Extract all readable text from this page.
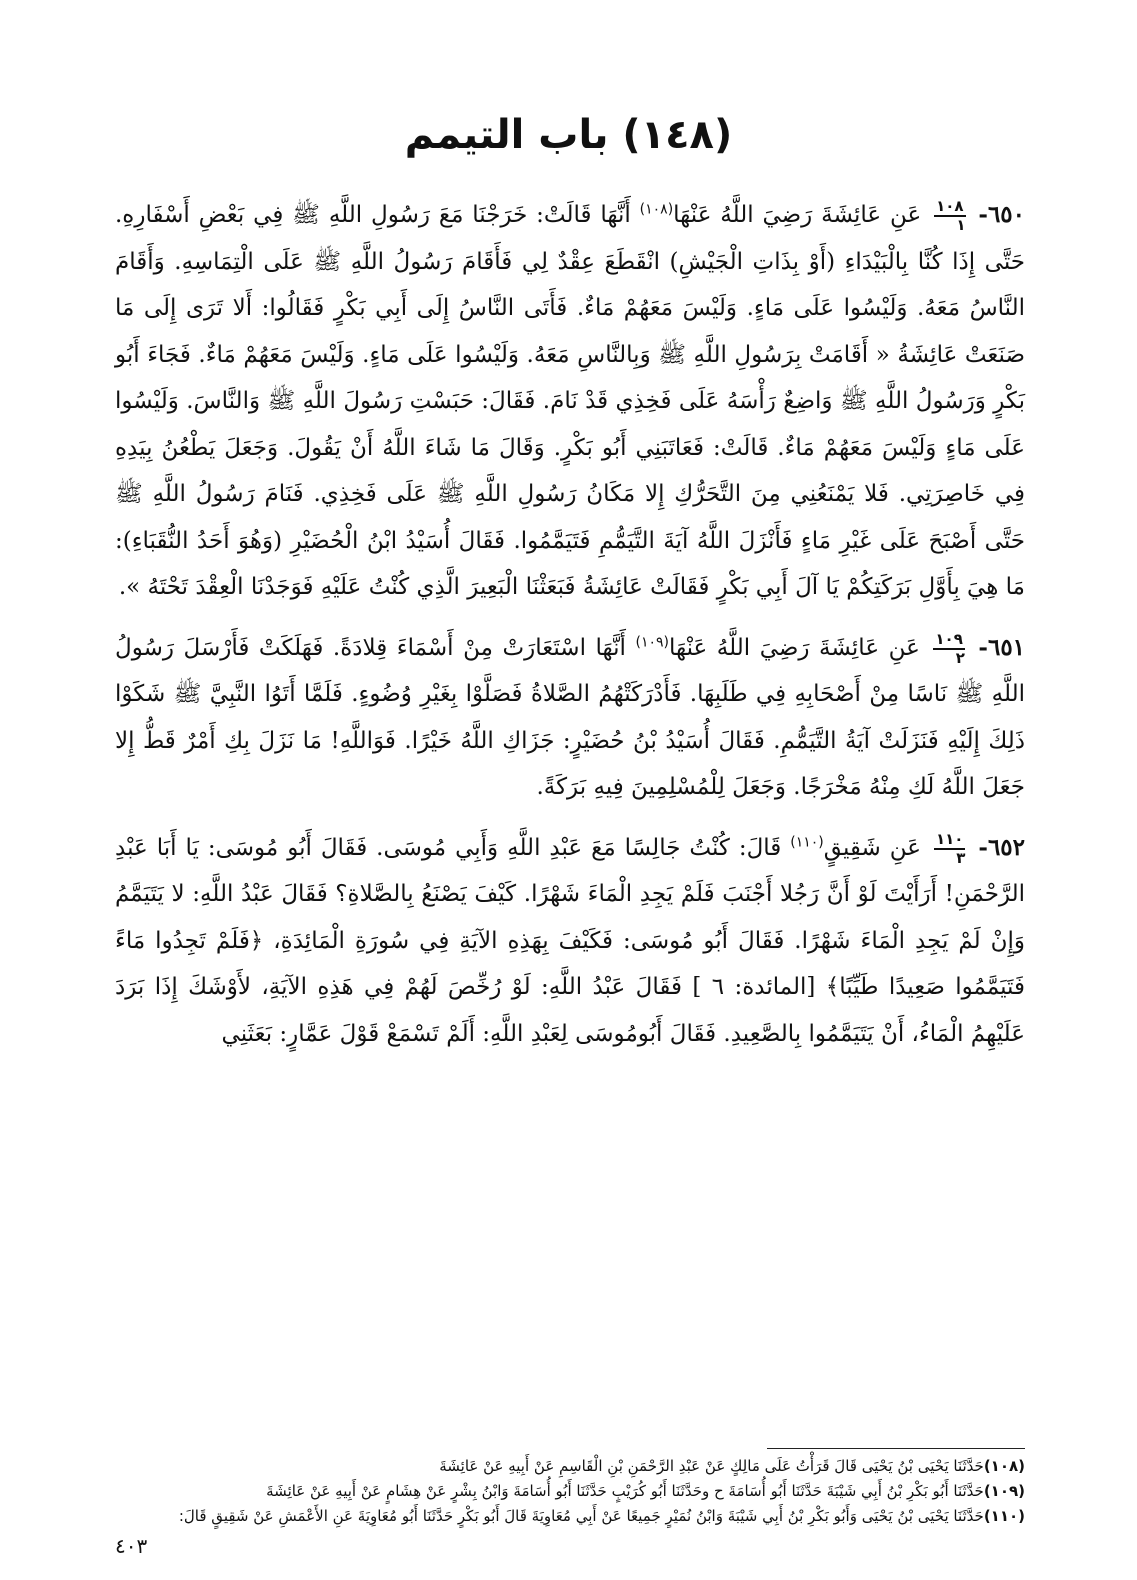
(١٤٨) باب التيمم

٦٥٠-
$\frac{١٠٨}{١}$
عَنِ عَائِشَةَ رَضِيَ اللَّهُ عَنْهَا$^{(١٠٨)}$ أَنَّهَا قَالَتْ: خَرَجْنَا مَعَ رَسُولِ اللَّهِ ﷺ فِي بَعْضِ أَسْفَارِهِ. حَتَّى إِذَا كُنَّا بِالْبَيْدَاءِ (أَوْ بِذَاتِ الْجَيْشِ) انْقَطَعَ عِقْدٌ لِي فَأَقَامَ رَسُولُ اللَّهِ ﷺ عَلَى الْتِمَاسِهِ. وَأَقَامَ النَّاسُ مَعَهُ. وَلَيْسُوا عَلَى مَاءٍ. وَلَيْسَ مَعَهُمْ مَاءٌ. فَأَتَى النَّاسُ إِلَى أَبِي بَكْرٍ فَقَالُوا: أَلا تَرَى إِلَى مَا صَنَعَتْ عَائِشَةُ « أَقَامَتْ بِرَسُولِ اللَّهِ ﷺ وَبِالنَّاسِ مَعَهُ. وَلَيْسُوا عَلَى مَاءٍ. وَلَيْسَ مَعَهُمْ مَاءٌ. فَجَاءَ أَبُو بَكْرٍ وَرَسُولُ اللَّهِ ﷺ وَاضِعٌ رَأْسَهُ عَلَى فَخِذِي قَدْ نَامَ. فَقَالَ: حَبَسْتِ رَسُولَ اللَّهِ ﷺ وَالنَّاسَ. وَلَيْسُوا عَلَى مَاءٍ وَلَيْسَ مَعَهُمْ مَاءٌ. قَالَتْ: فَعَاتَبَنِي أَبُو بَكْرٍ. وَقَالَ مَا شَاءَ اللَّهُ أَنْ يَقُولَ. وَجَعَلَ يَطْعُنُ بِيَدِهِ فِي خَاصِرَتِي. فَلا يَمْنَعُنِي مِنَ التَّحَرُّكِ إِلا مَكَانُ رَسُولِ اللَّهِ ﷺ عَلَى فَخِذِي. فَنَامَ رَسُولُ اللَّهِ ﷺ حَتَّى أَصْبَحَ عَلَى غَيْرِ مَاءٍ فَأَنْزَلَ اللَّهُ آيَةَ التَّيَمُّمِ فَتَيَمَّمُوا. فَقَالَ أُسَيْدُ ابْنُ الْحُضَيْرِ (وَهُوَ أَحَدُ النُّقَبَاءِ): مَا هِيَ بِأَوَّلِ بَرَكَتِكُمْ يَا آلَ أَبِي بَكْرٍ فَقَالَتْ عَائِشَةُ فَبَعَثْنَا الْبَعِيرَ الَّذِي كُنْتُ عَلَيْهِ فَوَجَدْنَا الْعِقْدَ تَحْتَهُ ».

٦٥١-
$\frac{١٠٩}{٢}$
عَنِ عَائِشَةَ رَضِيَ اللَّهُ عَنْهَا$^{(١٠٩)}$ أَنَّهَا اسْتَعَارَتْ مِنْ أَسْمَاءَ قِلادَةً. فَهَلَكَتْ فَأَرْسَلَ رَسُولُ اللَّهِ ﷺ نَاسًا مِنْ أَصْحَابِهِ فِي طَلَبِهَا. فَأَدْرَكَتْهُمُ الصَّلاةُ فَصَلَّوْا بِغَيْرِ وُضُوءٍ. فَلَمَّا أَتَوُا النَّبِيَّ ﷺ شَكَوْا ذَلِكَ إِلَيْهِ فَنَزَلَتْ آيَةُ التَّيَمُّمِ. فَقَالَ أُسَيْدُ بْنُ حُضَيْرٍ: جَزَاكِ اللَّهُ خَيْرًا. فَوَاللَّهِ! مَا نَزَلَ بِكِ أَمْرٌ قَطُّ إِلا جَعَلَ اللَّهُ لَكِ مِنْهُ مَخْرَجًا. وَجَعَلَ لِلْمُسْلِمِينَ فِيهِ بَرَكَةً.

٦٥٢-
$\frac{١١٠}{٣}$
عَنِ شَقِيقٍ$^{(١١٠)}$ قَالَ: كُنْتُ جَالِسًا مَعَ عَبْدِ اللَّهِ وَأَبِي مُوسَى. فَقَالَ أَبُو مُوسَى: يَا أَبَا عَبْدِ الرَّحْمَنِ! أَرَأَيْتَ لَوْ أَنَّ رَجُلا أَجْنَبَ فَلَمْ يَجِدِ الْمَاءَ شَهْرًا. كَيْفَ يَصْنَعُ بِالصَّلاةِ؟ فَقَالَ عَبْدُ اللَّهِ: لا يَتَيَمَّمُ وَإِنْ لَمْ يَجِدِ الْمَاءَ شَهْرًا. فَقَالَ أَبُو مُوسَى: فَكَيْفَ بِهَذِهِ الآيَةِ فِي سُورَةِ الْمَائِدَةِ، ﴿فَلَمْ تَجِدُوا مَاءً فَتَيَمَّمُوا صَعِيدًا طَيِّبًا﴾ [المائدة: ٦ ] فَقَالَ عَبْدُ اللَّهِ: لَوْ رُخِّصَ لَهُمْ فِي هَذِهِ الآيَةِ، لأَوْشَكَ إِذَا بَرَدَ عَلَيْهِمُ الْمَاءُ، أَنْ يَتَيَمَّمُوا بِالصَّعِيدِ. فَقَالَ أَبُومُوسَى لِعَبْدِ اللَّهِ: أَلَمْ تَسْمَعْ قَوْلَ عَمَّارٍ: بَعَثَنِي

(١٠٨)حَدَّثَنَا يَحْيَى بْنُ يَحْيَى قَالَ قَرَأْتُ عَلَى مَالِكٍ عَنْ عَبْدِ الرَّحْمَنِ بْنِ الْقَاسِمِ عَنْ أَبِيهِ عَنْ عَائِشَةَ

(١٠٩)حَدَّثَنَا أَبُو بَكْرِ بْنُ أَبِي شَيْبَةَ حَدَّثَنَا أَبُو أُسَامَةَ ح وحَدَّثَنَا أَبُو كُرَيْبٍ حَدَّثَنَا أَبُو أُسَامَةَ وَابْنُ بِشْرٍ عَنْ هِشَامٍ عَنْ أَبِيهِ عَنْ عَائِشَةَ

(١١٠)حَدَّثَنَا يَحْيَى بْنُ يَحْيَى وَأَبُو بَكْرِ بْنُ أَبِي شَيْبَةَ وَابْنُ نُمَيْرٍ جَمِيعًا عَنْ أَبِي مُعَاوِيَةَ قَالَ أَبُو بَكْرٍ حَدَّثَنَا أَبُو مُعَاوِيَةَ عَنِ الأَعْمَشِ عَنْ شَقِيقٍ قَالَ:

٤٠٣
